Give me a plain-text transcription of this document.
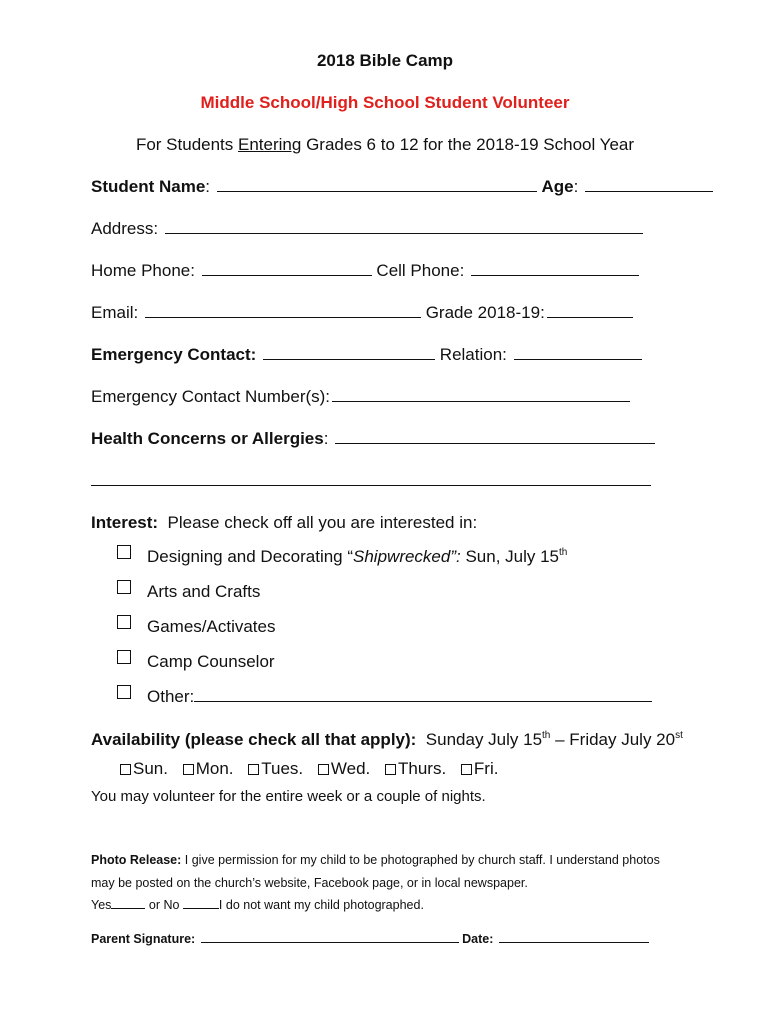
2018 Bible Camp
Middle School/High School Student Volunteer
For Students Entering Grades 6 to 12 for the 2018-19 School Year
Student Name:	Age:
Address:
Home Phone:	Cell Phone:
Email:	Grade 2018-19:
Emergency Contact:	Relation:
Emergency Contact Number(s):
Health Concerns or Allergies:
Interest: Please check off all you are interested in:
Designing and Decorating “Shipwrecked”: Sun, July 15th
Arts and Crafts
Games/Activates
Camp Counselor
Other:
Availability (please check all that apply): Sunday July 15th – Friday July 20st
Sun. Mon. Tues. Wed. Thurs. Fri.
You may volunteer for the entire week or a couple of nights.
Photo Release: I give permission for my child to be photographed by church staff. I understand photos
may be posted on the church’s website, Facebook page, or in local newspaper.
Yes	or No	I do not want my child photographed.
Parent Signature:	Date:
